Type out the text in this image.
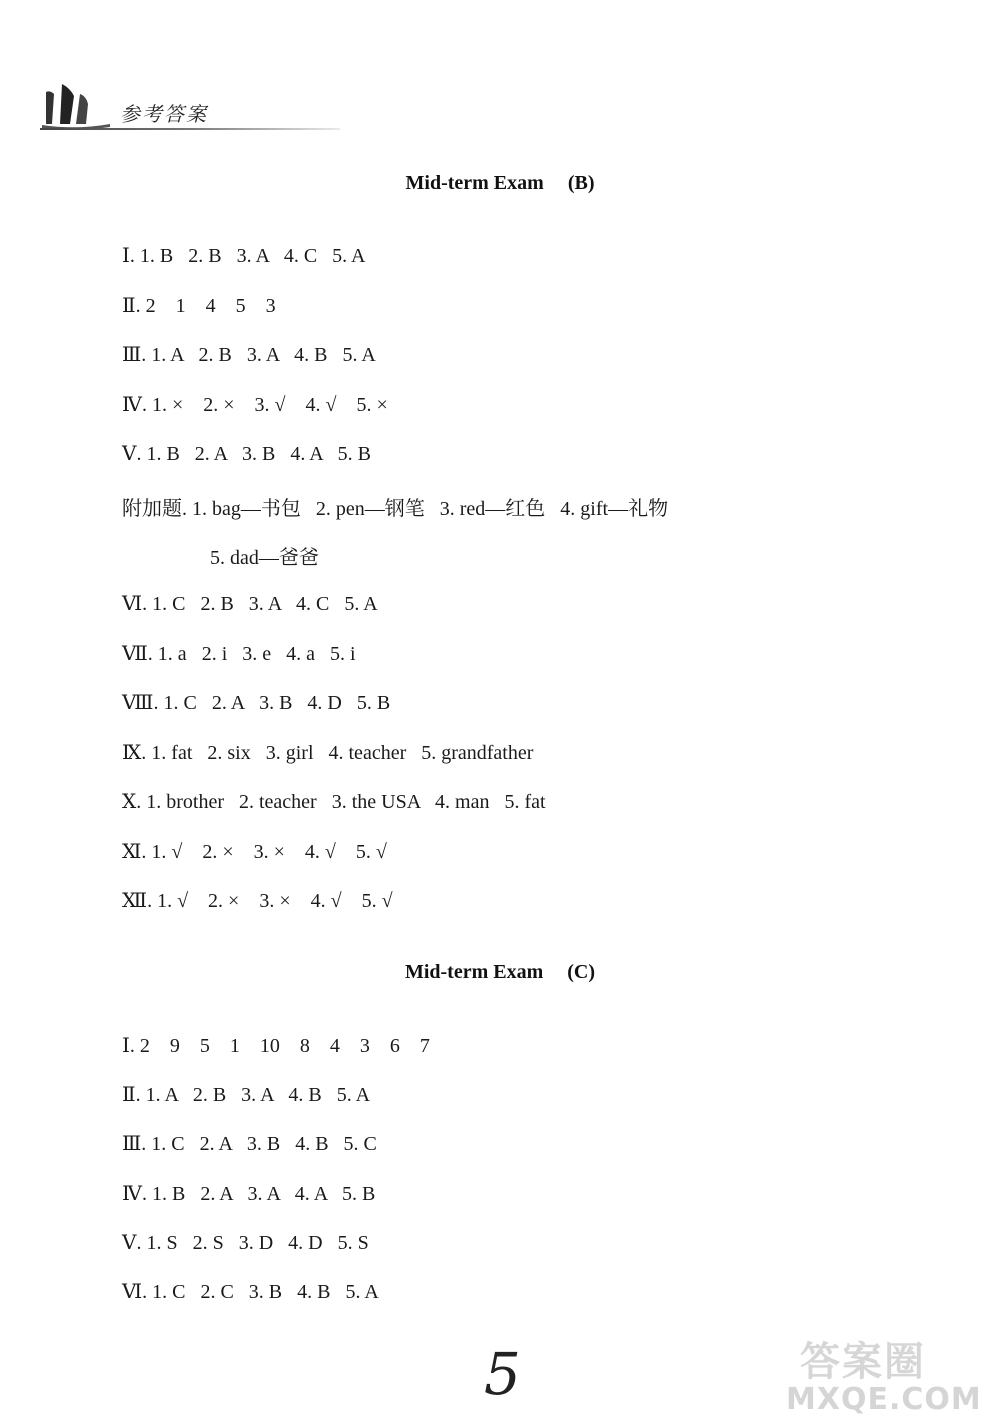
参考答案
Mid-term Exam (B)
Ⅰ. 1. B   2. B   3. A   4. C   5. A
Ⅱ. 2    1    4    5    3
Ⅲ. 1. A   2. B   3. A   4. B   5. A
Ⅳ. 1. ×    2. ×    3. √    4. √    5. ×
Ⅴ. 1. B   2. A   3. B   4. A   5. B
附加题. 1. bag—书包   2. pen—钢笔   3. red—红色   4. gift—礼物
5. dad—爸爸
Ⅵ. 1. C   2. B   3. A   4. C   5. A
Ⅶ. 1. a   2. i   3. e   4. a   5. i
Ⅷ. 1. C   2. A   3. B   4. D   5. B
Ⅸ. 1. fat   2. six   3. girl   4. teacher   5. grandfather
Ⅹ. 1. brother   2. teacher   3. the USA   4. man   5. fat
Ⅺ. 1. √    2. ×    3. ×    4. √    5. √
Ⅻ. 1. √    2. ×    3. ×    4. √    5. √
Mid-term Exam (C)
Ⅰ. 2    9    5    1    10    8    4    3    6    7
Ⅱ. 1. A   2. B   3. A   4. B   5. A
Ⅲ. 1. C   2. A   3. B   4. B   5. C
Ⅳ. 1. B   2. A   3. A   4. A   5. B
Ⅴ. 1. S   2. S   3. D   4. D   5. S
Ⅵ. 1. C   2. C   3. B   4. B   5. A
5	答案圈
MXQE.COM
